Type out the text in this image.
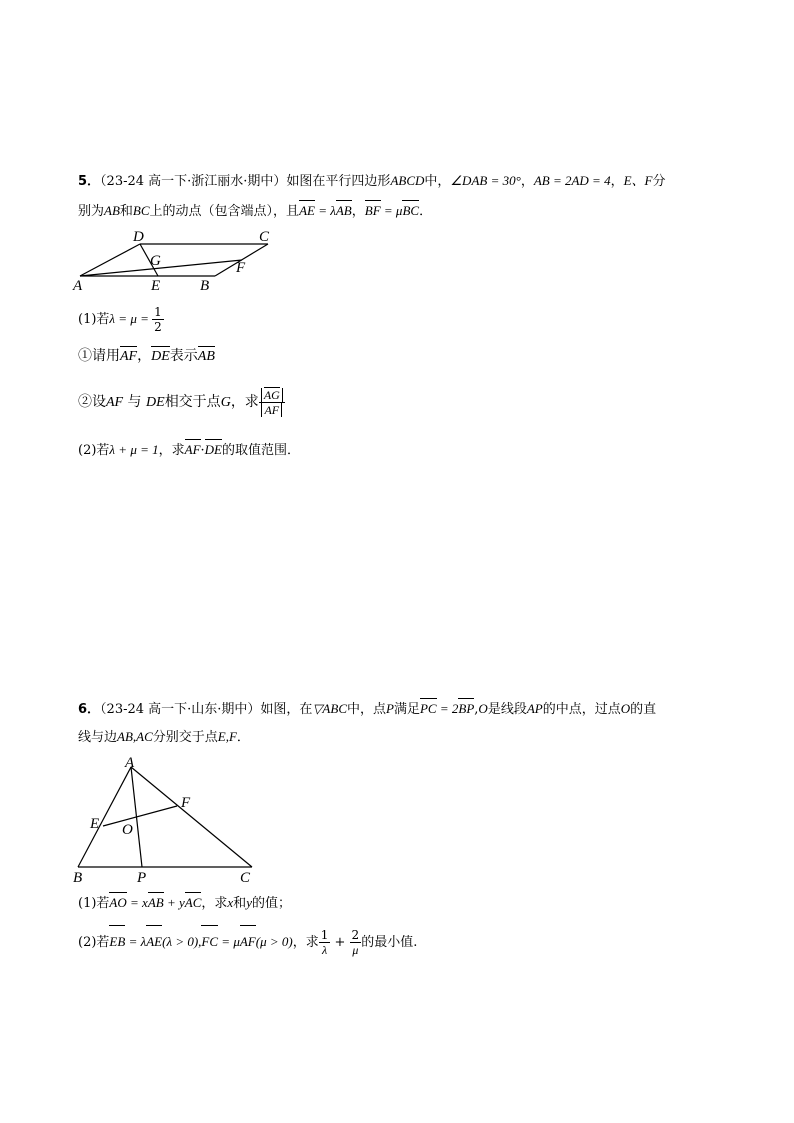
5．（23-24 高一下·浙江丽水·期中）如图在平行四边形ABCD中，∠DAB = 30°，AB = 2AD = 4，E、F分
别为AB和BC上的动点（包含端点），且AE = λAB，BF = μBC．
D	C
G	F
A	E	B
(1)若$\lambda = \mu = \frac{1}{2}$
①请用AF，DE表示AB
②设AF 与 DE相交于点G，求 $\frac{AG}{AF}$
(2)若λ + μ = 1，求AF·DE的取值范围．
6．（23-24 高一下·山东·期中）如图，在▽ABC中，点P满足PC = 2BP,O是线段AP的中点，过点O的直
线与边AB,AC分别交于点E,F．
A
F
E O
B	P	C
(1)若AO = xAB + yAC，求x和y的值；
(2)若EB = λAE(λ > 0),FC = μAF(μ > 0)，求 $\frac{1}{\lambda} + \frac{2}{\mu}$ 的最小值.
